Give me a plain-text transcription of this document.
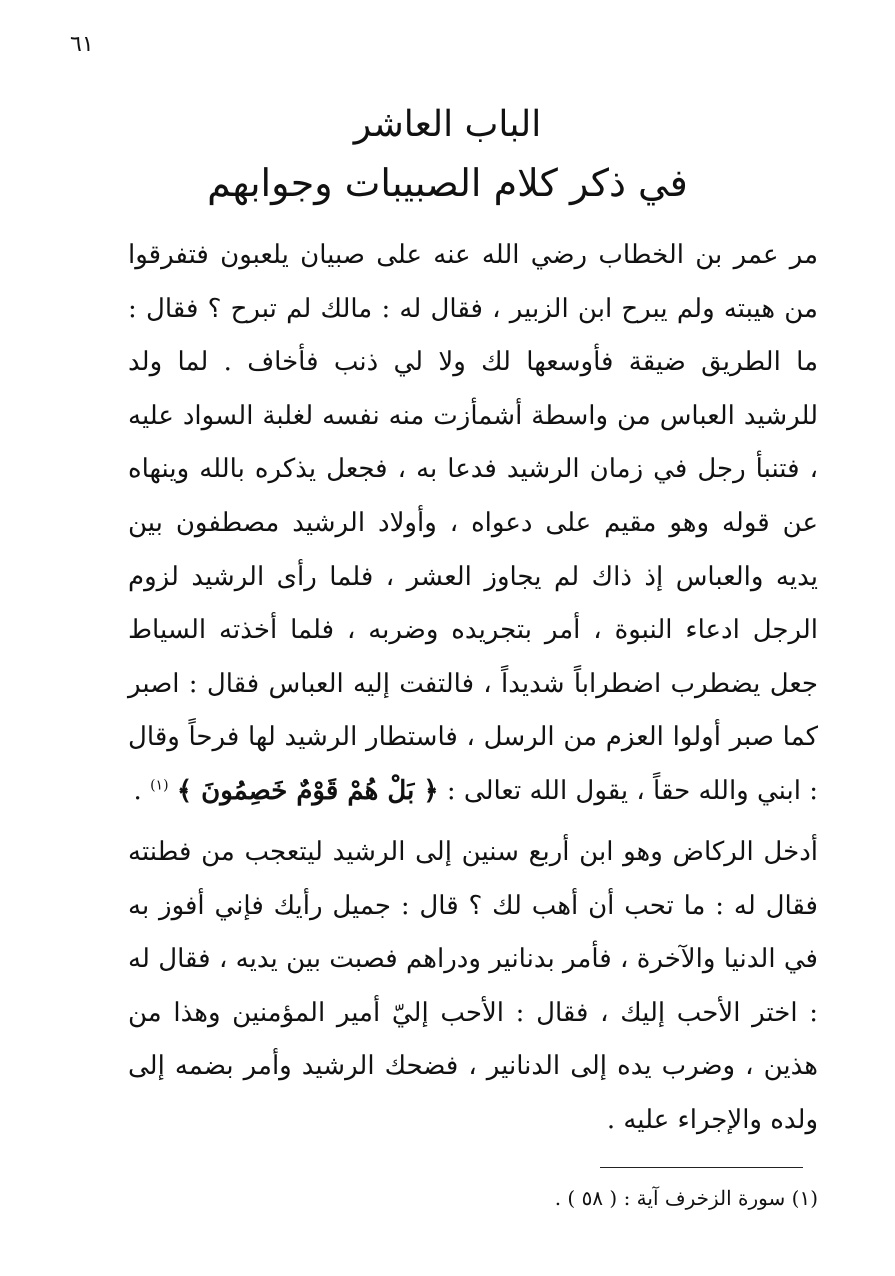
٦١
الباب العاشر
في ذكر كلام الصبيبات وجوابهم

مر عمر بن الخطاب رضي الله عنه على صبيان يلعبون فتفرقوا من هيبته ولم يبرح ابن الزبير ، فقال له : مالك لم تبرح ؟ فقال : ما الطريق ضيقة فأوسعها لك ولا لي ذنب فأخاف . لما ولد للرشيد العباس من واسطة أشمأزت منه نفسه لغلبة السواد عليه ، فتنبأ رجل في زمان الرشيد فدعا به ، فجعل يذكره بالله وينهاه عن قوله وهو مقيم على دعواه ، وأولاد الرشيد مصطفون بين يديه والعباس إذ ذاك لم يجاوز العشر ، فلما رأى الرشيد لزوم الرجل ادعاء النبوة ، أمر بتجريده وضربه ، فلما أخذته السياط جعل يضطرب اضطراباً شديداً ، فالتفت إليه العباس فقال : اصبر كما صبر أولوا العزم من الرسل ، فاستطار الرشيد لها فرحاً وقال : ابني والله حقاً ، يقول الله تعالى : ﴿ بَلْ هُمْ قَوْمٌ خَصِمُونَ ﴾ $^{(١)}$ .

أدخل الركاض وهو ابن أربع سنين إلى الرشيد ليتعجب من فطنته فقال له : ما تحب أن أهب لك ؟ قال : جميل رأيك فإني أفوز به في الدنيا والآخرة ، فأمر بدنانير ودراهم فصبت بين يديه ، فقال له : اختر الأحب إليك ، فقال : الأحب إليّ أمير المؤمنين وهذا من هذين ، وضرب يده إلى الدنانير ، فضحك الرشيد وأمر بضمه إلى ولده والإجراء عليه .

(١) سورة الزخرف آية : ( ٥٨ ) .
